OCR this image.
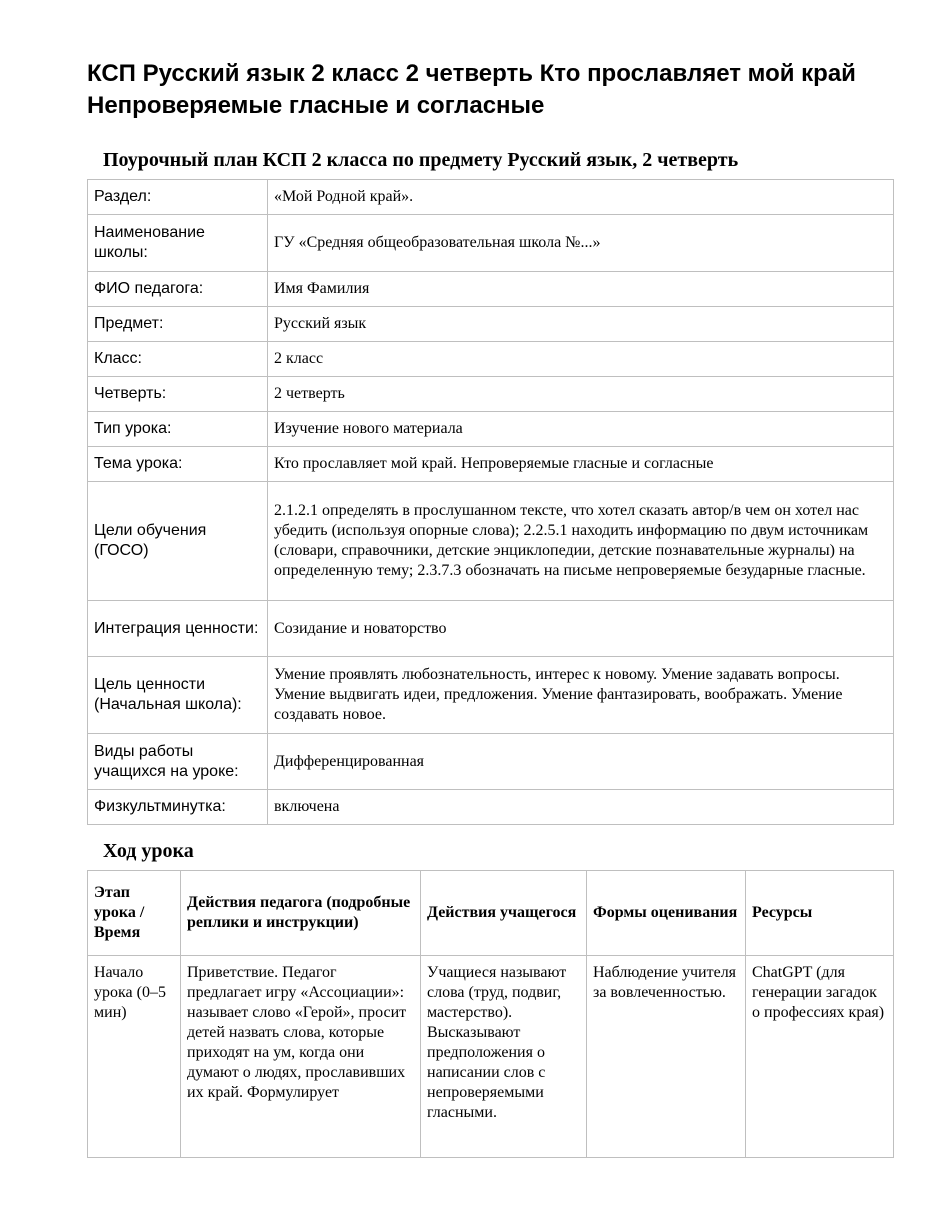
КСП Русский язык 2 класс 2 четверть Кто прославляет мой край Непроверяемые гласные и согласные
Поурочный план КСП 2 класса по предмету Русский язык, 2 четверть
Раздел:	«Мой Родной край».
Наименование школы:	ГУ «Средняя общеобразовательная школа №...»
ФИО педагога:	Имя Фамилия
Предмет:	Русский язык
Класс:	2 класс
Четверть:	2 четверть
Тип урока:	Изучение нового материала
Тема урока:	Кто прославляет мой край. Непроверяемые гласные и согласные
Цели обучения (ГОСО)	2.1.2.1 определять в прослушанном тексте, что хотел сказать автор/в чем он хотел нас убедить (используя опорные слова); 2.2.5.1 находить информацию по двум источникам (словари, справочники, детские энциклопедии, детские познавательные журналы) на определенную тему; 2.3.7.3 обозначать на письме непроверяемые безударные гласные.
Интеграция ценности:	Созидание и новаторство
Цель ценности (Начальная школа):	Умение проявлять любознательность, интерес к новому. Умение задавать вопросы. Умение выдвигать идеи, предложения. Умение фантазировать, воображать. Умение создавать новое.
Виды работы учащихся на уроке:	Дифференцированная
Физкультминутка:	включена
Ход урока
Этап урока / Время	Действия педагога (подробные реплики и инструкции)	Действия учащегося	Формы оценивания	Ресурсы
Начало урока (0–5 мин)	Приветствие. Педагог предлагает игру «Ассоциации»: называет слово «Герой», просит детей назвать слова, которые приходят на ум, когда они думают о людях, прославивших их край. Формулирует	Учащиеся называют слова (труд, подвиг, мастерство). Высказывают предположения о написании слов с непроверяемыми гласными.	Наблюдение учителя за вовлеченностью.	ChatGPT (для генерации загадок о профессиях края)
